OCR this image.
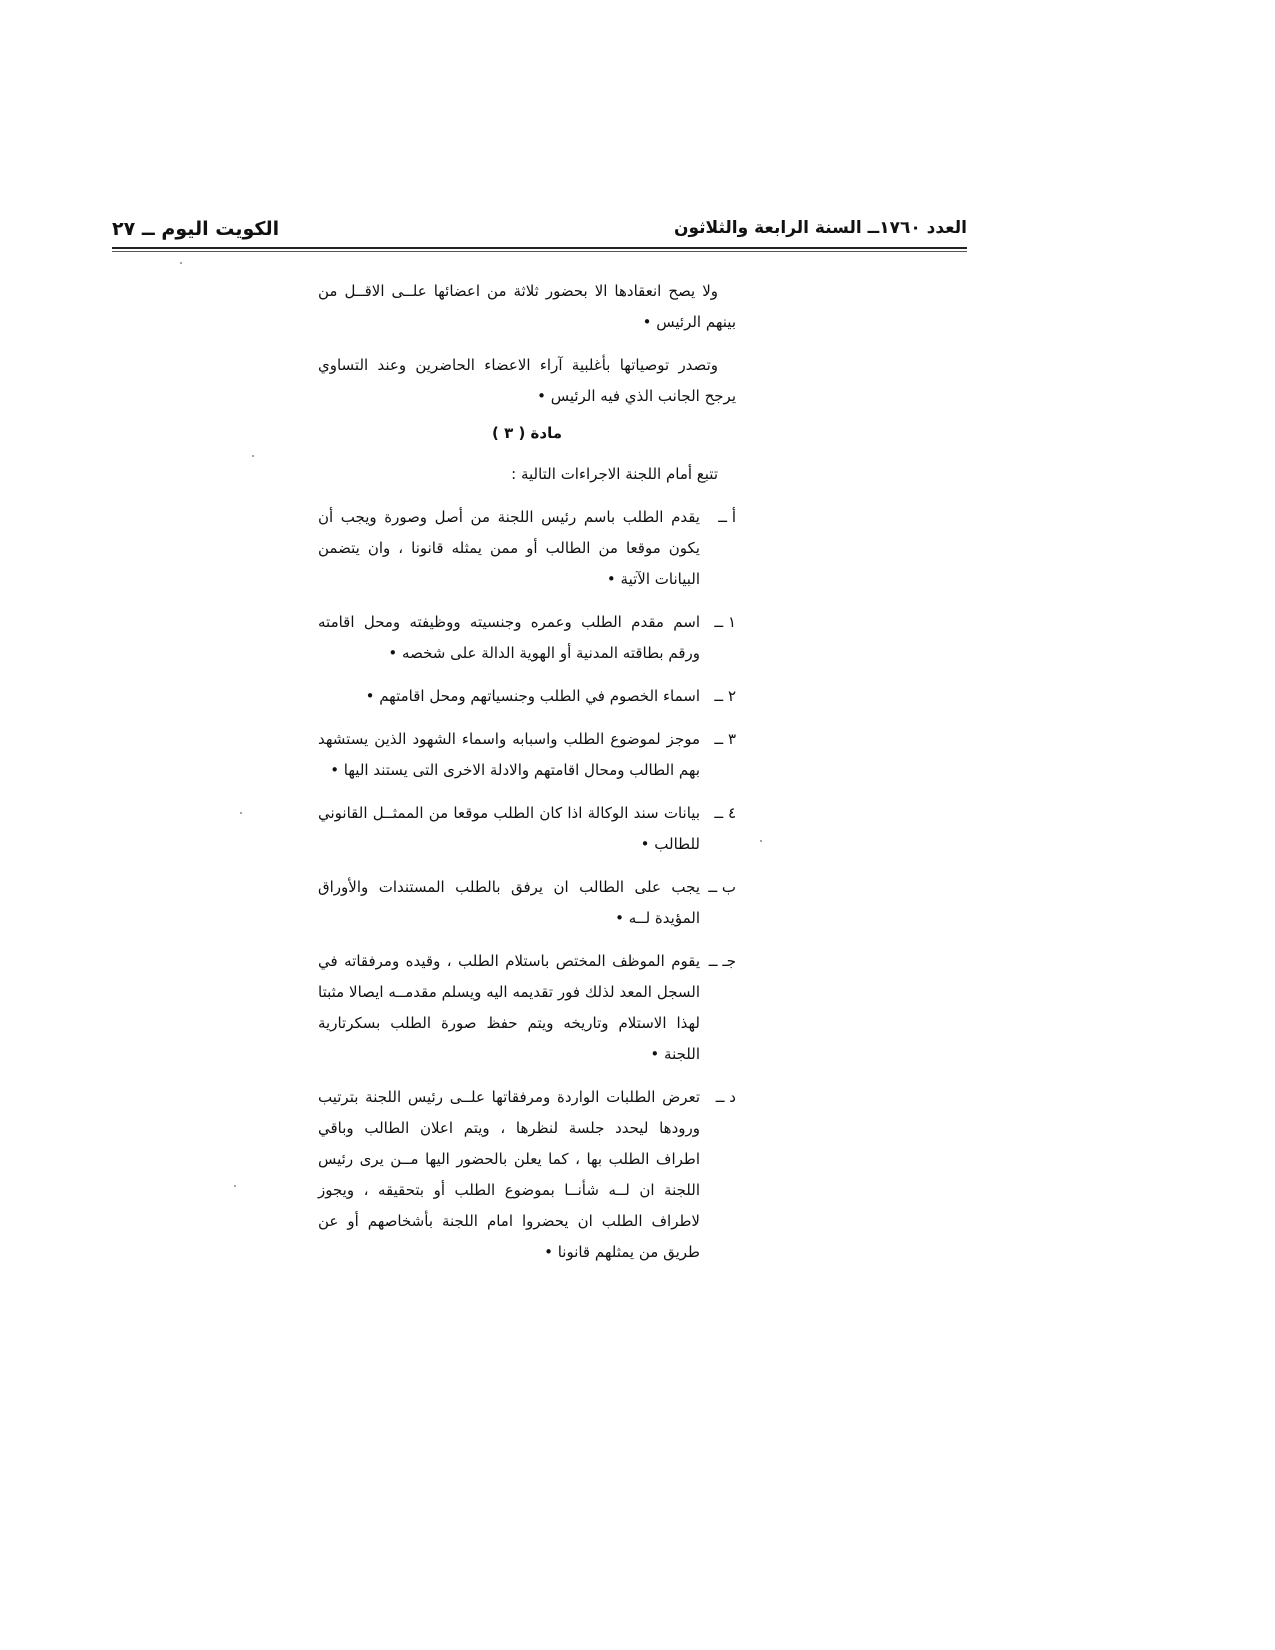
العدد ١٧٦٠ــ السنة الرابعة والثلاثون
الكويت اليوم ــ ٢٧

ولا يصح انعقادها الا بحضور ثلاثة من اعضائها علــى الاقــل من بينهم الرئيس •

وتصدر توصياتها بأغلبية آراء الاعضاء الحاضرين وعند التساوي يرجح الجانب الذي فيه الرئيس •

مادة ( ٣ )

تتبع أمام اللجنة الاجراءات التالية :

أ ــ
يقدم الطلب باسم رئيس اللجنة من أصل وصورة ويجب أن يكون موقعا من الطالب أو ممن يمثله قانونا ، وان يتضمن البيانات الآتية •
١ ــ
اسم مقدم الطلب وعمره وجنسيته ووظيفته ومحل اقامته ورقم بطاقته المدنية أو الهوية الدالة على شخصه •
٢ ــ
اسماء الخصوم في الطلب وجنسياتهم ومحل اقامتهم •
٣ ــ
موجز لموضوع الطلب واسبابه واسماء الشهود الذين يستشهد بهم الطالب ومحال اقامتهم والادلة الاخرى التى يستند اليها •
٤ ــ
بيانات سند الوكالة اذا كان الطلب موقعا من الممثــل القانوني للطالب •
ب ــ
يجب على الطالب ان يرفق بالطلب المستندات والأوراق المؤيدة لــه •
جـ ــ
يقوم الموظف المختص باستلام الطلب ، وقيده ومرفقاته في السجل المعد لذلك فور تقديمه اليه ويسلم مقدمــه ايصالا مثبتا لهذا الاستلام وتاريخه ويتم حفظ صورة الطلب بسكرتارية اللجنة •
د ــ
تعرض الطلبات الواردة ومرفقاتها علــى رئيس اللجنة بترتيب ورودها ليحدد جلسة لنظرها ، ويتم اعلان الطالب وباقي اطراف الطلب بها ، كما يعلن بالحضور اليها مــن يرى رئيس اللجنة ان لــه شأنــا بموضوع الطلب أو بتحقيقه ، ويجوز لاطراف الطلب ان يحضروا امام اللجنة بأشخاصهم أو عن طريق من يمثلهم قانونا •
